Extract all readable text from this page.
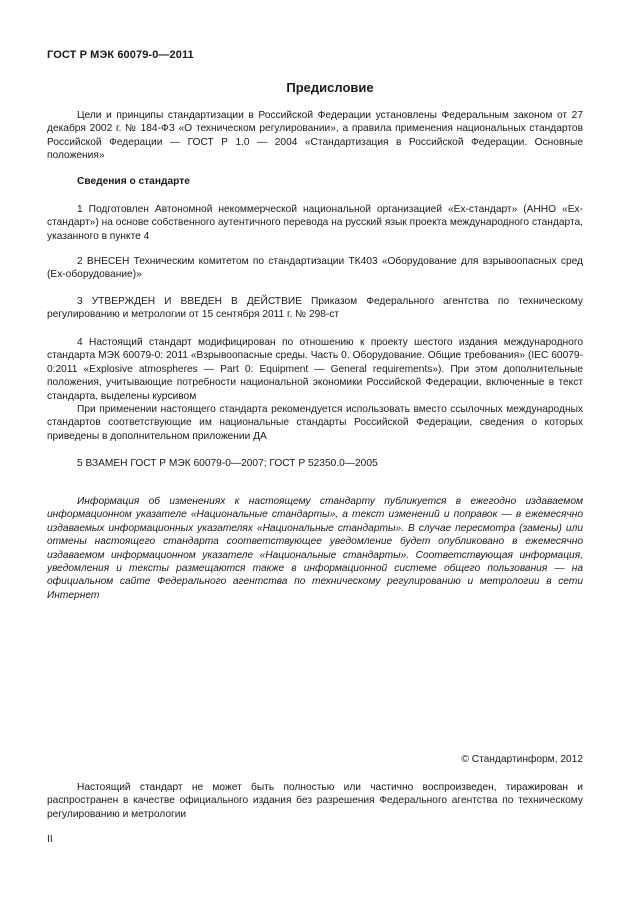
ГОСТ Р МЭК 60079-0—2011
Предисловие

Цели и принципы стандартизации в Российской Федерации установлены Федеральным законом от 27 декабря 2002 г. № 184-ФЗ «О техническом регулировании», а правила применения национальных стандартов Российской Федерации — ГОСТ Р 1.0 — 2004 «Стандартизация в Российской Федерации. Основные положения»

Сведения о стандарте

1 Подготовлен Автономной некоммерческой национальной организацией «Ех-стандарт» (АННО «Ех-стандарт») на основе собственного аутентичного перевода на русский язык проекта международного стандарта, указанного в пункте 4

2 ВНЕСЕН Техническим комитетом по стандартизации ТК403 «Оборудование для взрывоопасных сред (Ex-оборудование)»

3 УТВЕРЖДЕН И ВВЕДЕН В ДЕЙСТВИЕ Приказом Федерального агентства по техническому регулированию и метрологии от 15 сентября 2011 г. № 298-ст

4 Настоящий стандарт модифицирован по отношению к проекту шестого издания международного стандарта МЭК 60079-0: 2011 «Взрывоопасные среды. Часть 0. Оборудование. Общие требования» (IEC 60079-0:2011 «Explosive atmospheres — Part 0: Equipment — General requirements»). При этом дополнительные положения, учитывающие потребности национальной экономики Российской Федерации, включенные в текст стандарта, выделены курсивом

При применении настоящего стандарта рекомендуется использовать вместо ссылочных международных стандартов соответствующие им национальные стандарты Российской Федерации, сведения о которых приведены в дополнительном приложении ДА

5 ВЗАМЕН ГОСТ Р МЭК 60079-0—2007; ГОСТ Р 52350.0—2005

Информация об изменениях к настоящему стандарту публикуется в ежегодно издаваемом информационном указателе «Национальные стандарты», а текст изменений и поправок — в ежемесячно издаваемых информационных указателях «Национальные стандарты». В случае пересмотра (замены) или отмены настоящего стандарта соответствующее уведомление будет опубликовано в ежемесячно издаваемом информационном указателе «Национальные стандарты». Соответствующая информация, уведомления и тексты размещаются также в информационной системе общего пользования — на официальном сайте Федерального агентства по техническому регулированию и метрологии в сети Интернет

© Стандартинформ, 2012

Настоящий стандарт не может быть полностью или частично воспроизведен, тиражирован и распространен в качестве официального издания без разрешения Федерального агентства по техническому регулированию и метрологии

II
